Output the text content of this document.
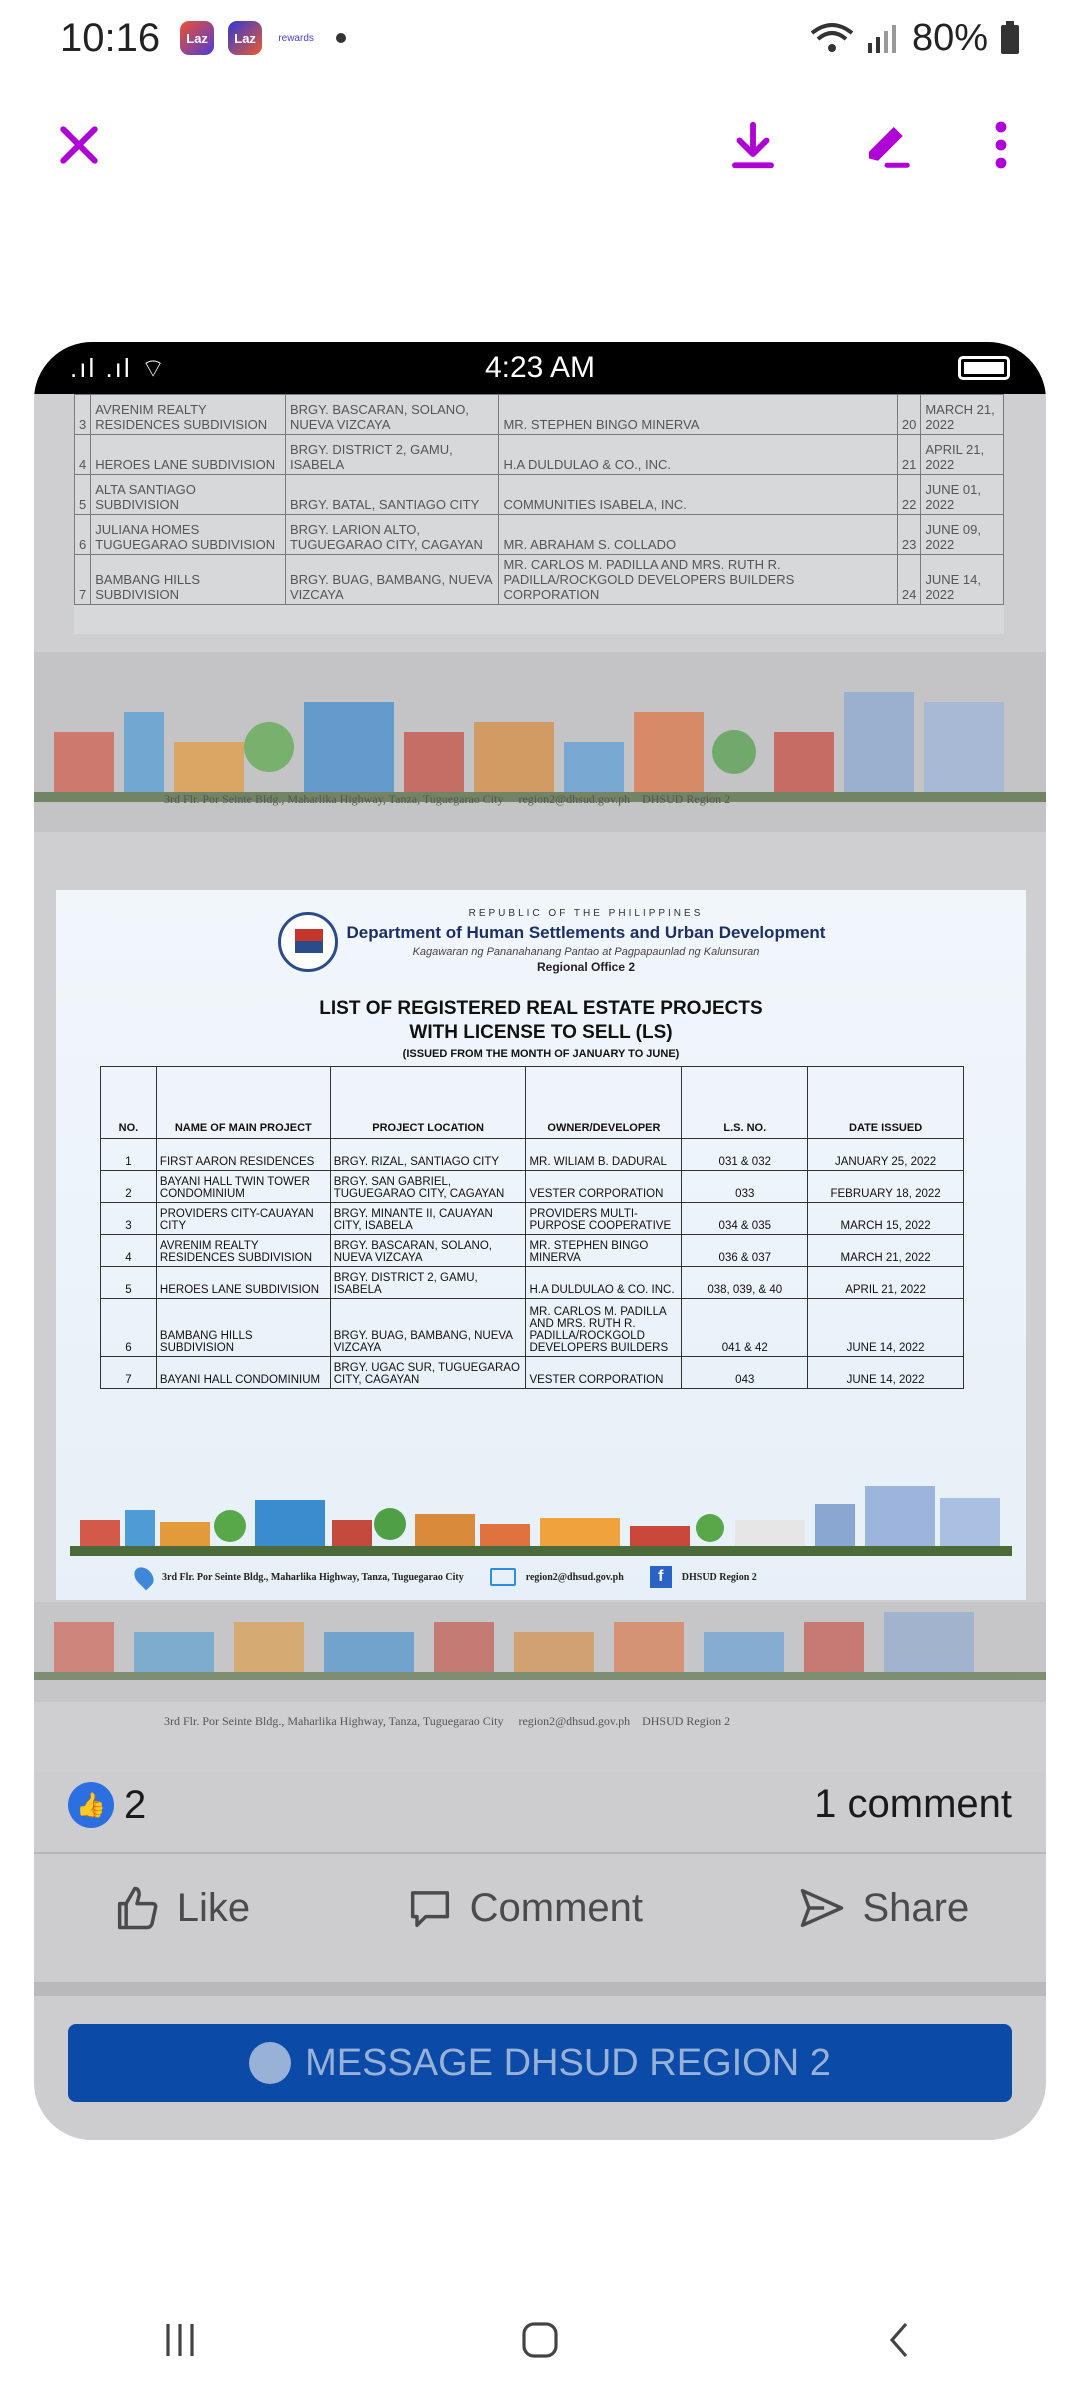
10:16	Laz	Laz	rewards	80%
.ıl .ıl ⌔	4:23 AM
3	AVRENIM REALTY RESIDENCES SUBDIVISION	BRGY. BASCARAN, SOLANO, NUEVA VIZCAYA	MR. STEPHEN BINGO MINERVA	20	MARCH 21, 2022
4	HEROES LANE SUBDIVISION	BRGY. DISTRICT 2, GAMU, ISABELA	H.A DULDULAO & CO., INC.	21	APRIL 21, 2022
5	ALTA SANTIAGO SUBDIVISION	BRGY. BATAL, SANTIAGO CITY	COMMUNITIES ISABELA, INC.	22	JUNE 01, 2022
6	JULIANA HOMES TUGUEGARAO SUBDIVISION	BRGY. LARION ALTO, TUGUEGARAO CITY, CAGAYAN	MR. ABRAHAM S. COLLADO	23	JUNE 09, 2022
7	BAMBANG HILLS SUBDIVISION	BRGY. BUAG, BAMBANG, NUEVA VIZCAYA	MR. CARLOS M. PADILLA AND MRS. RUTH R. PADILLA/ROCKGOLD DEVELOPERS BUILDERS CORPORATION	24	JUNE 14, 2022
3rd Flr. Por Seinte Bldg., Maharlika Highway, Tanza, Tuguegarao City region2@dhsud.gov.ph DHSUD Region 2
REPUBLIC OF THE PHILIPPINES
Department of Human Settlements and Urban Development
Kagawaran ng Pananahanang Pantao at Pagpapaunlad ng Kalunsuran
Regional Office 2
LIST OF REGISTERED REAL ESTATE PROJECTS
WITH LICENSE TO SELL (LS)
(ISSUED FROM THE MONTH OF JANUARY TO JUNE)
NO.	NAME OF MAIN PROJECT	PROJECT LOCATION	OWNER/DEVELOPER	L.S. NO.	DATE ISSUED
1	FIRST AARON RESIDENCES	BRGY. RIZAL, SANTIAGO CITY	MR. WILIAM B. DADURAL	031 & 032	JANUARY 25, 2022
2	BAYANI HALL TWIN TOWER CONDOMINIUM	BRGY. SAN GABRIEL, TUGUEGARAO CITY, CAGAYAN	VESTER CORPORATION	033	FEBRUARY 18, 2022
3	PROVIDERS CITY-CAUAYAN CITY	BRGY. MINANTE II, CAUAYAN CITY, ISABELA	PROVIDERS MULTI-PURPOSE COOPERATIVE	034 & 035	MARCH 15, 2022
4	AVRENIM REALTY RESIDENCES SUBDIVISION	BRGY. BASCARAN, SOLANO, NUEVA VIZCAYA	MR. STEPHEN BINGO MINERVA	036 & 037	MARCH 21, 2022
5	HEROES LANE SUBDIVISION	BRGY. DISTRICT 2, GAMU, ISABELA	H.A DULDULAO & CO. INC.	038, 039, & 40	APRIL 21, 2022
6	BAMBANG HILLS SUBDIVISION	BRGY. BUAG, BAMBANG, NUEVA VIZCAYA	MR. CARLOS M. PADILLA AND MRS. RUTH R. PADILLA/ROCKGOLD DEVELOPERS BUILDERS	041 & 42	JUNE 14, 2022
7	BAYANI HALL CONDOMINIUM	BRGY. UGAC SUR, TUGUEGARAO CITY, CAGAYAN	VESTER CORPORATION	043	JUNE 14, 2022
3rd Flr. Por Seinte Bldg., Maharlika Highway, Tanza, Tuguegarao City	region2@dhsud.gov.ph	f	DHSUD Region 2
3rd Flr. Por Seinte Bldg., Maharlika Highway, Tanza, Tuguegarao City region2@dhsud.gov.ph DHSUD Region 2
👍 2	1 comment
Like	Comment	Share
MESSAGE DHSUD REGION 2
